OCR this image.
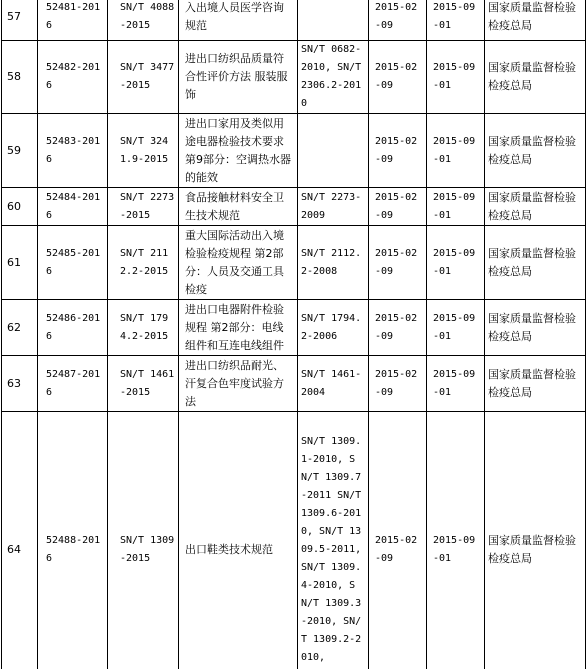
57	52481-2016	SN/T 4088-2015	入出境人员医学咨询规范		2015-02-09	2015-09-01	国家质量监督检验检疫总局
58	52482-2016	SN/T 3477-2015	进出口纺织品质量符合性评价方法 服装服饰	SN/T 0682-2010, SN/T 2306.2-2010	2015-02-09	2015-09-01	国家质量监督检验检疫总局
59	52483-2016	SN/T 3241.9-2015	进出口家用及类似用途电器检验技术要求 第9部分：空调热水器的能效		2015-02-09	2015-09-01	国家质量监督检验检疫总局
60	52484-2016	SN/T 2273-2015	食品接触材料安全卫生技术规范	SN/T 2273-2009	2015-02-09	2015-09-01	国家质量监督检验检疫总局
61	52485-2016	SN/T 2112.2-2015	重大国际活动出入境检验检疫规程 第2部分：人员及交通工具检疫	SN/T 2112.2-2008	2015-02-09	2015-09-01	国家质量监督检验检疫总局
62	52486-2016	SN/T 1794.2-2015	进出口电器附件检验规程 第2部分：电线组件和互连电线组件	SN/T 1794.2-2006	2015-02-09	2015-09-01	国家质量监督检验检疫总局
63	52487-2016	SN/T 1461-2015	进出口纺织品耐光、汗复合色牢度试验方法	SN/T 1461-2004	2015-02-09	2015-09-01	国家质量监督检验检疫总局
64	52488-2016	SN/T 1309-2015	出口鞋类技术规范	SN/T 1309.1-2010, SN/T 1309.7-2011 SN/T 1309.6-2010, SN/T 1309.5-2011, SN/T 1309.4-2010, SN/T 1309.3-2010, SN/T 1309.2-2010,	2015-02-09	2015-09-01	国家质量监督检验检疫总局
